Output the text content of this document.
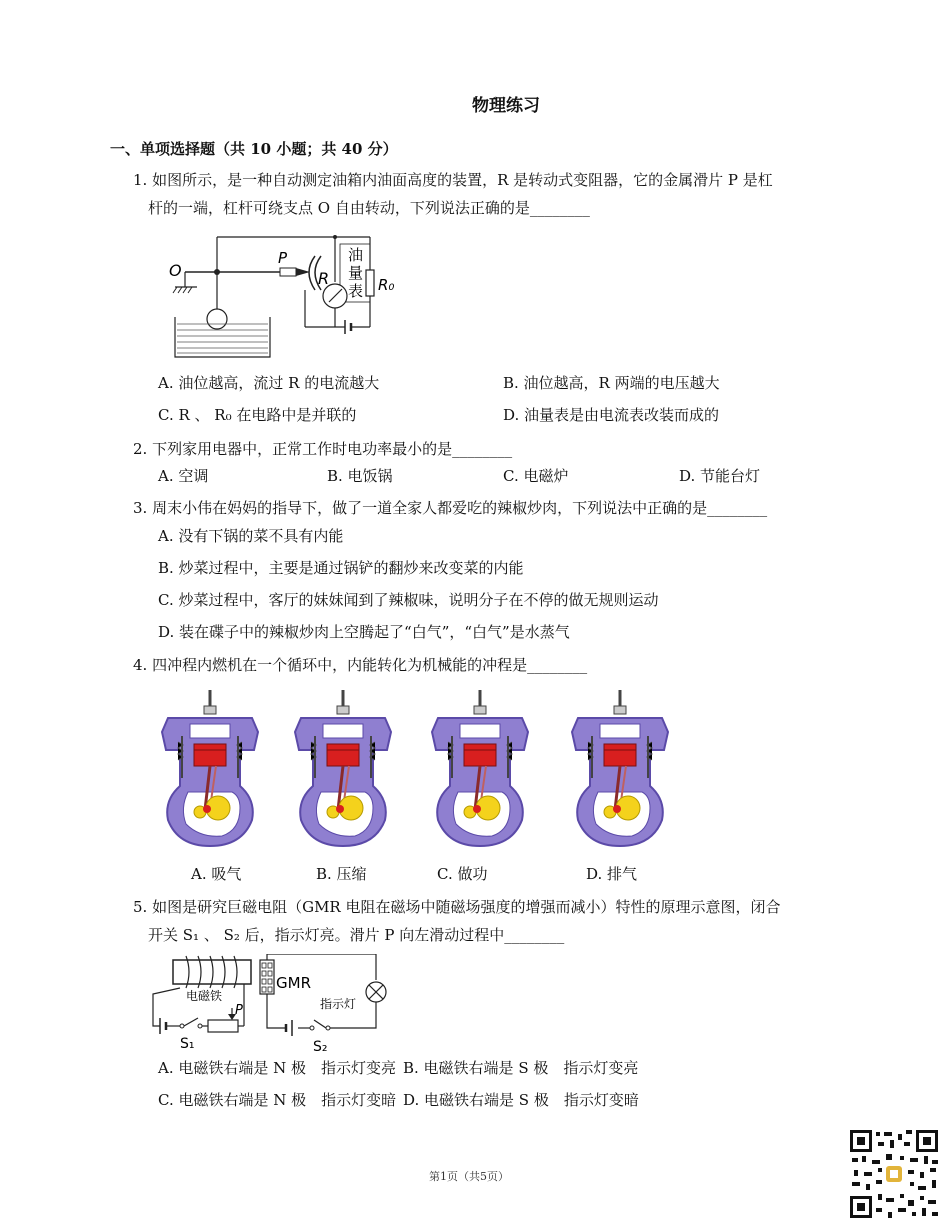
物理练习
一、单项选择题（共 10 小题；共 40 分）
1. 如图所示，是一种自动测定油箱内油面高度的装置，R 是转动式变阻器，它的金属滑片 P 是杠
杆的一端，杠杆可绕支点 O 自由转动，下列说法正确的是________
O
P
R
油
量
表 R₀
A. 油位越高，流过 R 的电流越大	B. 油位越高，R 两端的电压越大
C. R 、 R₀ 在电路中是并联的	D. 油量表是由电流表改装而成的
2. 下列家用电器中，正常工作时电功率最小的是________
A. 空调	B. 电饭锅	C. 电磁炉	D. 节能台灯
3. 周末小伟在妈妈的指导下，做了一道全家人都爱吃的辣椒炒肉，下列说法中正确的是________
A. 没有下锅的菜不具有内能
B. 炒菜过程中，主要是通过锅铲的翻炒来改变菜的内能
C. 炒菜过程中，客厅的妹妹闻到了辣椒味，说明分子在不停的做无规则运动
D. 装在碟子中的辣椒炒肉上空腾起了“白气”，“白气”是水蒸气
4. 四冲程内燃机在一个循环中，内能转化为机械能的冲程是________
A. 吸气	B. 压缩	C. 做功	D. 排气
5. 如图是研究巨磁电阻（GMR 电阻在磁场中随磁场强度的增强而减小）特性的原理示意图，闭合
开关 S₁ 、 S₂ 后，指示灯亮。滑片 P 向左滑动过程中________
电磁铁
S₁
P
GMR
指示灯
S₂
A. 电磁铁右端是 N 极　指示灯变亮 B. 电磁铁右端是 S 极　指示灯变亮
C. 电磁铁右端是 N 极　指示灯变暗 D. 电磁铁右端是 S 极　指示灯变暗
第1页（共5页）
